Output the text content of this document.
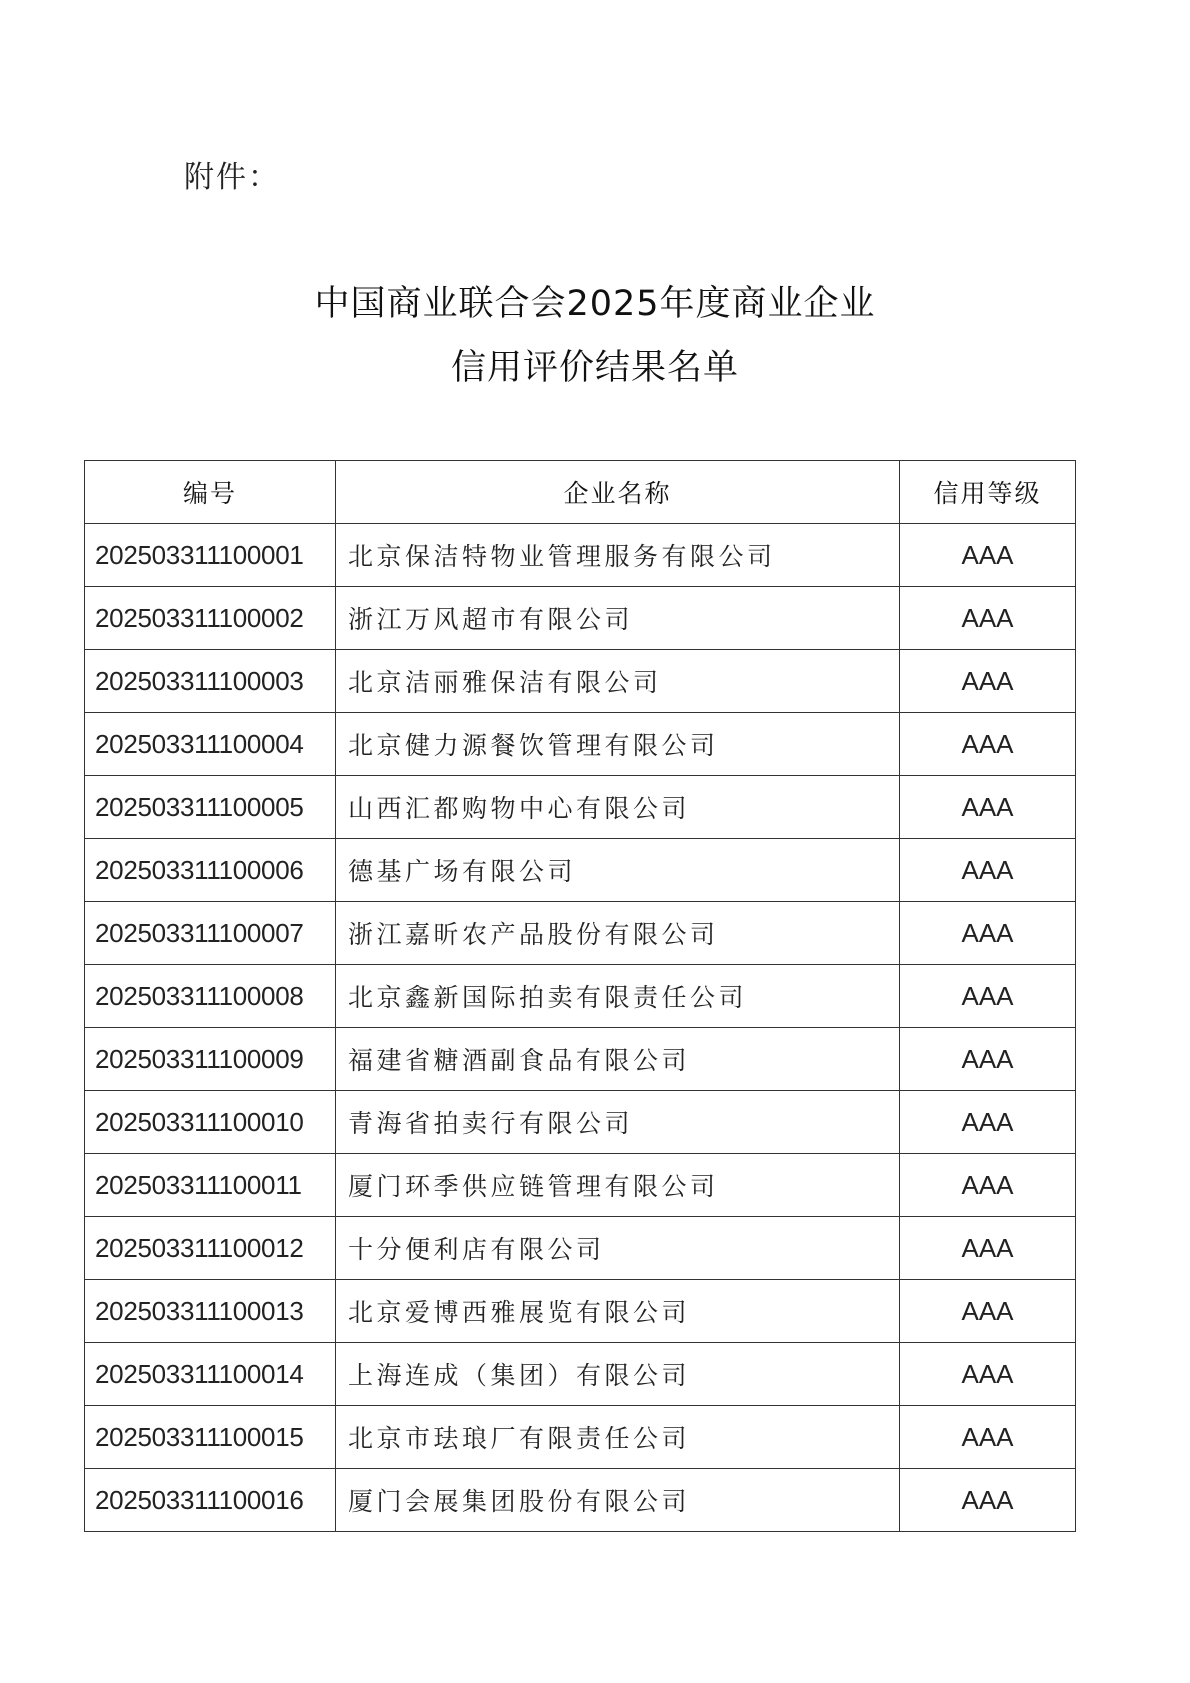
附件：
中国商业联合会2025年度商业企业
信用评价结果名单
编号	企业名称	信用等级
202503311100001	北京保洁特物业管理服务有限公司	AAA
202503311100002	浙江万风超市有限公司	AAA
202503311100003	北京洁丽雅保洁有限公司	AAA
202503311100004	北京健力源餐饮管理有限公司	AAA
202503311100005	山西汇都购物中心有限公司	AAA
202503311100006	德基广场有限公司	AAA
202503311100007	浙江嘉昕农产品股份有限公司	AAA
202503311100008	北京鑫新国际拍卖有限责任公司	AAA
202503311100009	福建省糖酒副食品有限公司	AAA
202503311100010	青海省拍卖行有限公司	AAA
202503311100011	厦门环季供应链管理有限公司	AAA
202503311100012	十分便利店有限公司	AAA
202503311100013	北京爱博西雅展览有限公司	AAA
202503311100014	上海连成（集团）有限公司	AAA
202503311100015	北京市珐琅厂有限责任公司	AAA
202503311100016	厦门会展集团股份有限公司	AAA
